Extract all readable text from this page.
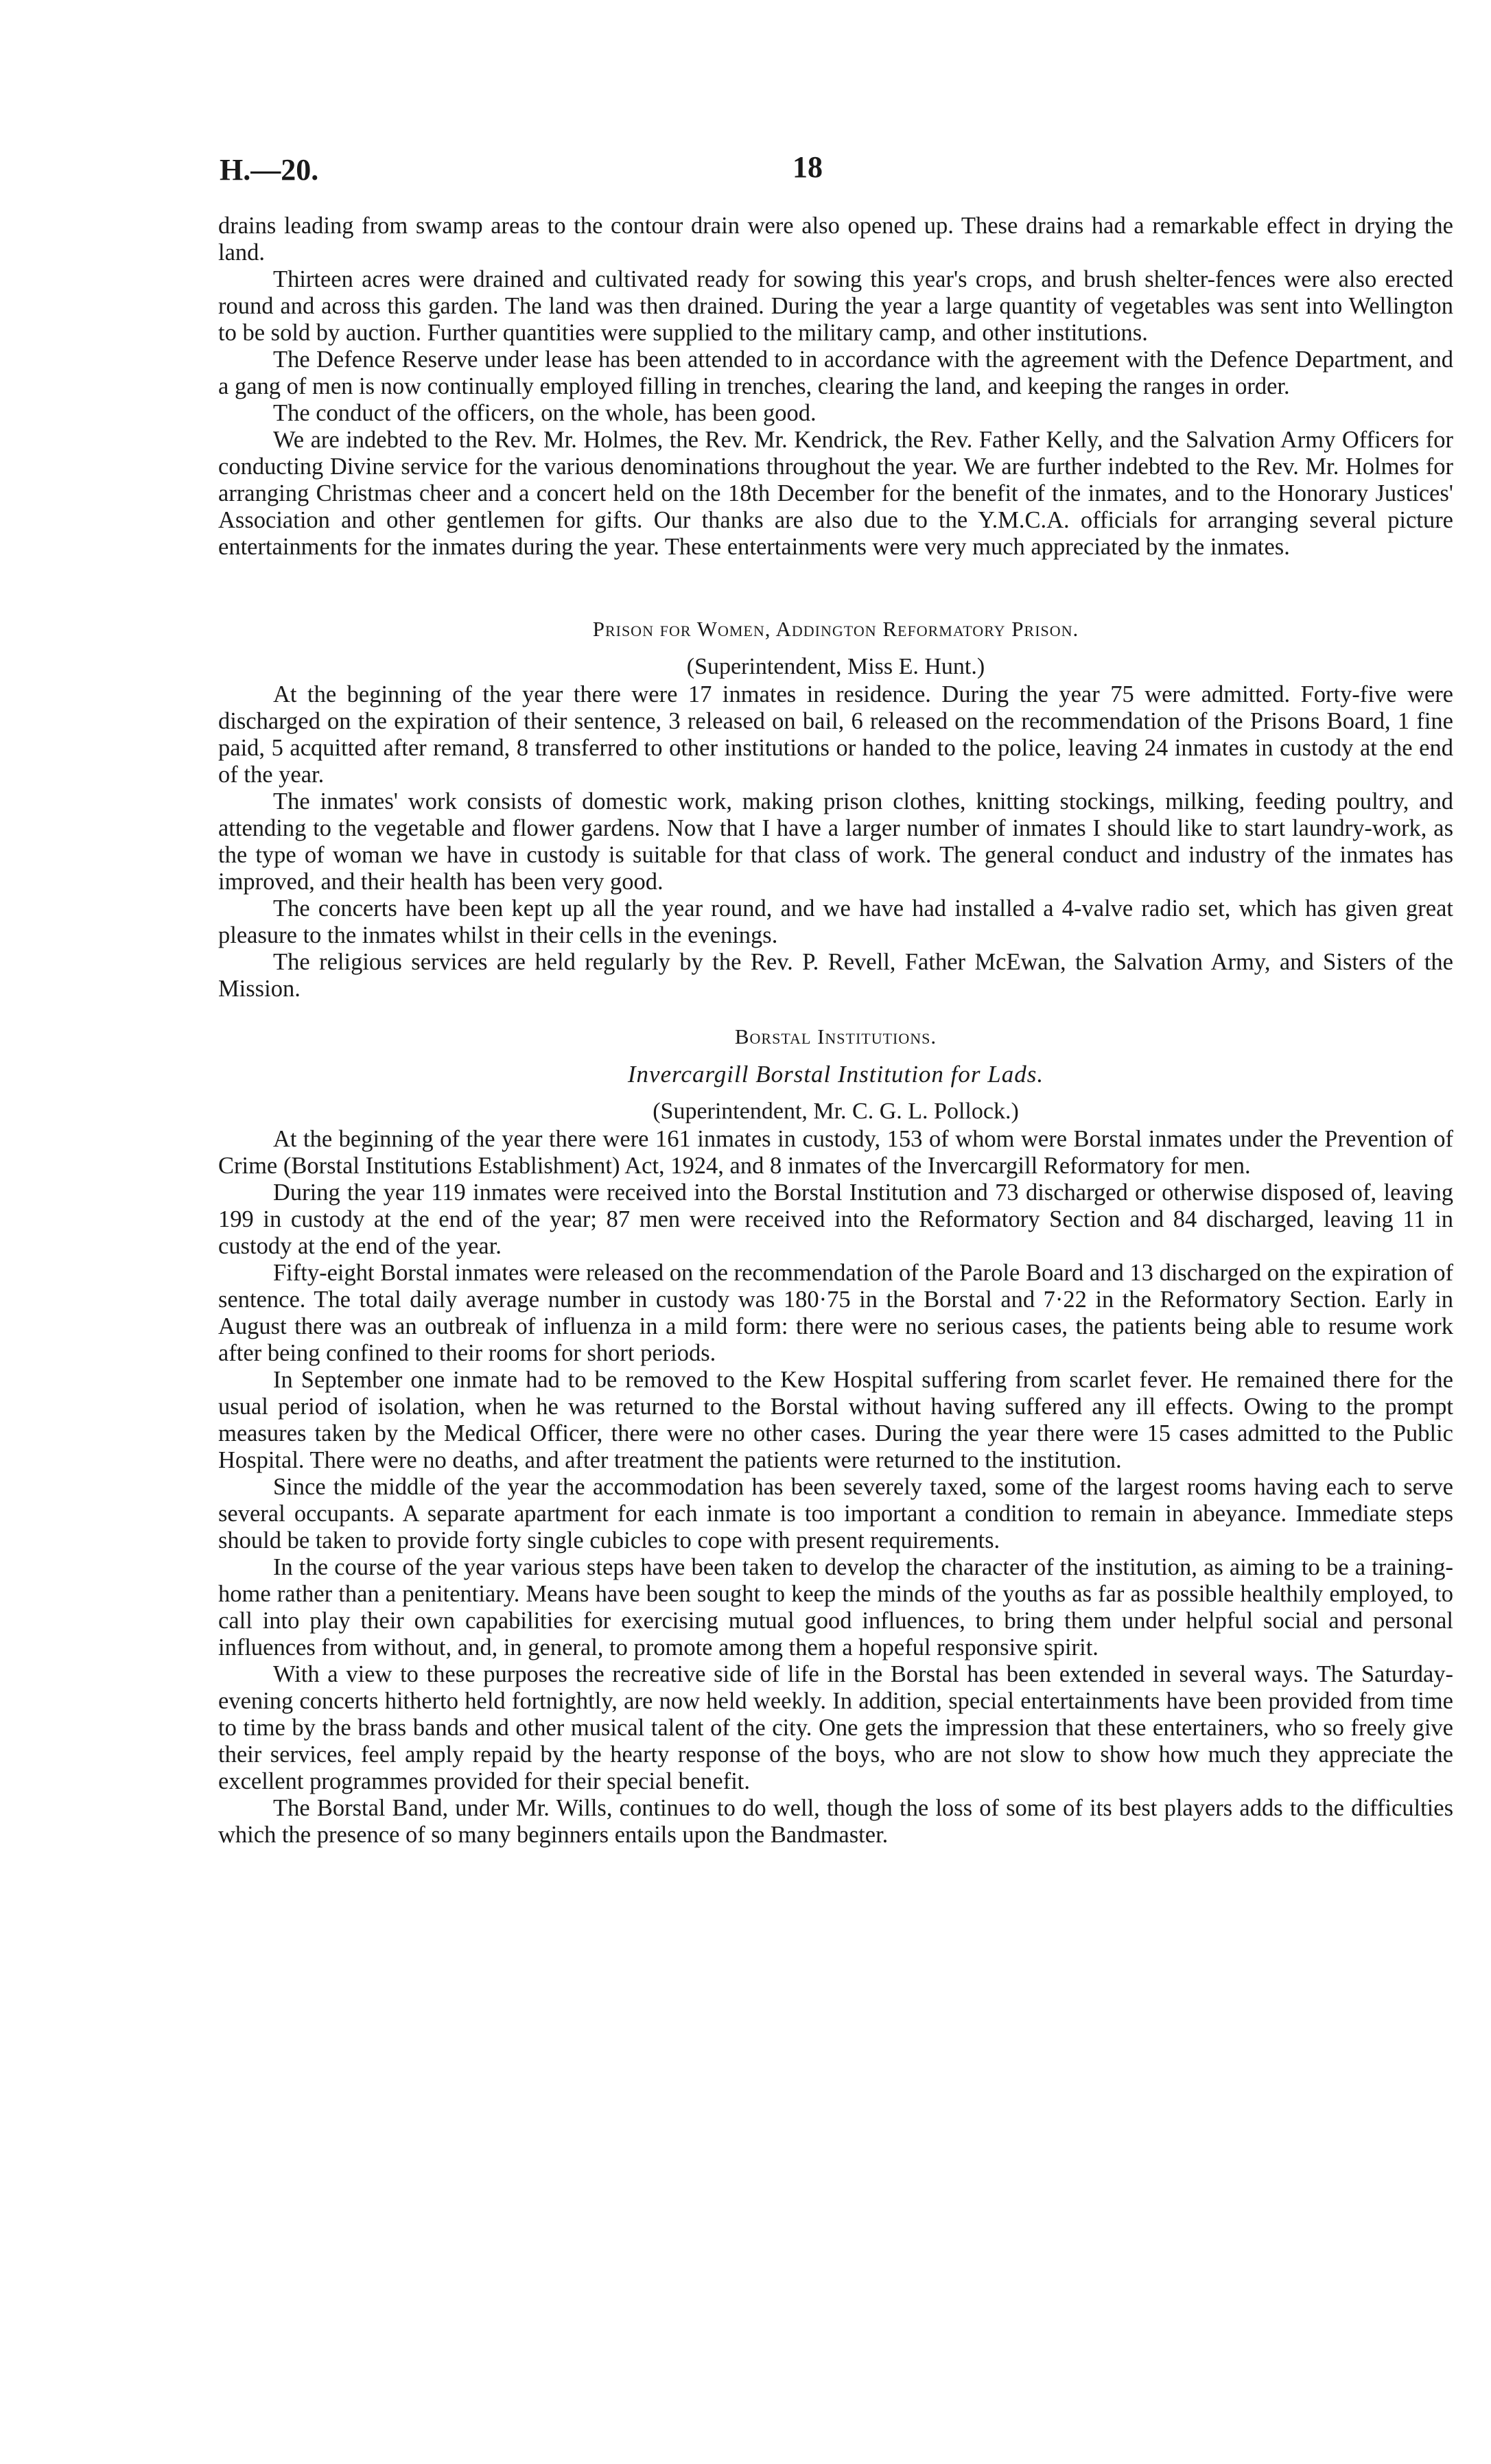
H.—20.	18

drains leading from swamp areas to the contour drain were also opened up. These drains had a remarkable effect in drying the land.

Thirteen acres were drained and cultivated ready for sowing this year's crops, and brush shelter-fences were also erected round and across this garden. The land was then drained. During the year a large quantity of vegetables was sent into Wellington to be sold by auction. Further quantities were supplied to the military camp, and other institutions.

The Defence Reserve under lease has been attended to in accordance with the agreement with the Defence Department, and a gang of men is now continually employed filling in trenches, clearing the land, and keeping the ranges in order.

The conduct of the officers, on the whole, has been good.

We are indebted to the Rev. Mr. Holmes, the Rev. Mr. Kendrick, the Rev. Father Kelly, and the Salvation Army Officers for conducting Divine service for the various denominations throughout the year. We are further indebted to the Rev. Mr. Holmes for arranging Christmas cheer and a concert held on the 18th December for the benefit of the inmates, and to the Honorary Justices' Association and other gentlemen for gifts. Our thanks are also due to the Y.M.C.A. officials for arranging several picture entertainments for the inmates during the year. These entertainments were very much appreciated by the inmates.

Prison for Women, Addington Reformatory Prison.

(Superintendent, Miss E. Hunt.)

At the beginning of the year there were 17 inmates in residence. During the year 75 were admitted. Forty-five were discharged on the expiration of their sentence, 3 released on bail, 6 released on the recommendation of the Prisons Board, 1 fine paid, 5 acquitted after remand, 8 transferred to other institutions or handed to the police, leaving 24 inmates in custody at the end of the year.

The inmates' work consists of domestic work, making prison clothes, knitting stockings, milking, feeding poultry, and attending to the vegetable and flower gardens. Now that I have a larger number of inmates I should like to start laundry-work, as the type of woman we have in custody is suitable for that class of work. The general conduct and industry of the inmates has improved, and their health has been very good.

The concerts have been kept up all the year round, and we have had installed a 4-valve radio set, which has given great pleasure to the inmates whilst in their cells in the evenings.

The religious services are held regularly by the Rev. P. Revell, Father McEwan, the Salvation Army, and Sisters of the Mission.

Borstal Institutions.

Invercargill Borstal Institution for Lads.

(Superintendent, Mr. C. G. L. Pollock.)

At the beginning of the year there were 161 inmates in custody, 153 of whom were Borstal inmates under the Prevention of Crime (Borstal Institutions Establishment) Act, 1924, and 8 inmates of the Invercargill Reformatory for men.

During the year 119 inmates were received into the Borstal Institution and 73 discharged or otherwise disposed of, leaving 199 in custody at the end of the year; 87 men were received into the Reformatory Section and 84 discharged, leaving 11 in custody at the end of the year.

Fifty-eight Borstal inmates were released on the recommendation of the Parole Board and 13 discharged on the expiration of sentence. The total daily average number in custody was 180·75 in the Borstal and 7·22 in the Reformatory Section. Early in August there was an outbreak of influenza in a mild form: there were no serious cases, the patients being able to resume work after being confined to their rooms for short periods.

In September one inmate had to be removed to the Kew Hospital suffering from scarlet fever. He remained there for the usual period of isolation, when he was returned to the Borstal without having suffered any ill effects. Owing to the prompt measures taken by the Medical Officer, there were no other cases. During the year there were 15 cases admitted to the Public Hospital. There were no deaths, and after treatment the patients were returned to the institution.

Since the middle of the year the accommodation has been severely taxed, some of the largest rooms having each to serve several occupants. A separate apartment for each inmate is too important a condition to remain in abeyance. Immediate steps should be taken to provide forty single cubicles to cope with present requirements.

In the course of the year various steps have been taken to develop the character of the institution, as aiming to be a training-home rather than a penitentiary. Means have been sought to keep the minds of the youths as far as possible healthily employed, to call into play their own capabilities for exercising mutual good influences, to bring them under helpful social and personal influences from without, and, in general, to promote among them a hopeful responsive spirit.

With a view to these purposes the recreative side of life in the Borstal has been extended in several ways. The Saturday-evening concerts hitherto held fortnightly, are now held weekly. In addition, special entertainments have been provided from time to time by the brass bands and other musical talent of the city. One gets the impression that these entertainers, who so freely give their services, feel amply repaid by the hearty response of the boys, who are not slow to show how much they appreciate the excellent programmes provided for their special benefit.

The Borstal Band, under Mr. Wills, continues to do well, though the loss of some of its best players adds to the difficulties which the presence of so many beginners entails upon the Bandmaster.
